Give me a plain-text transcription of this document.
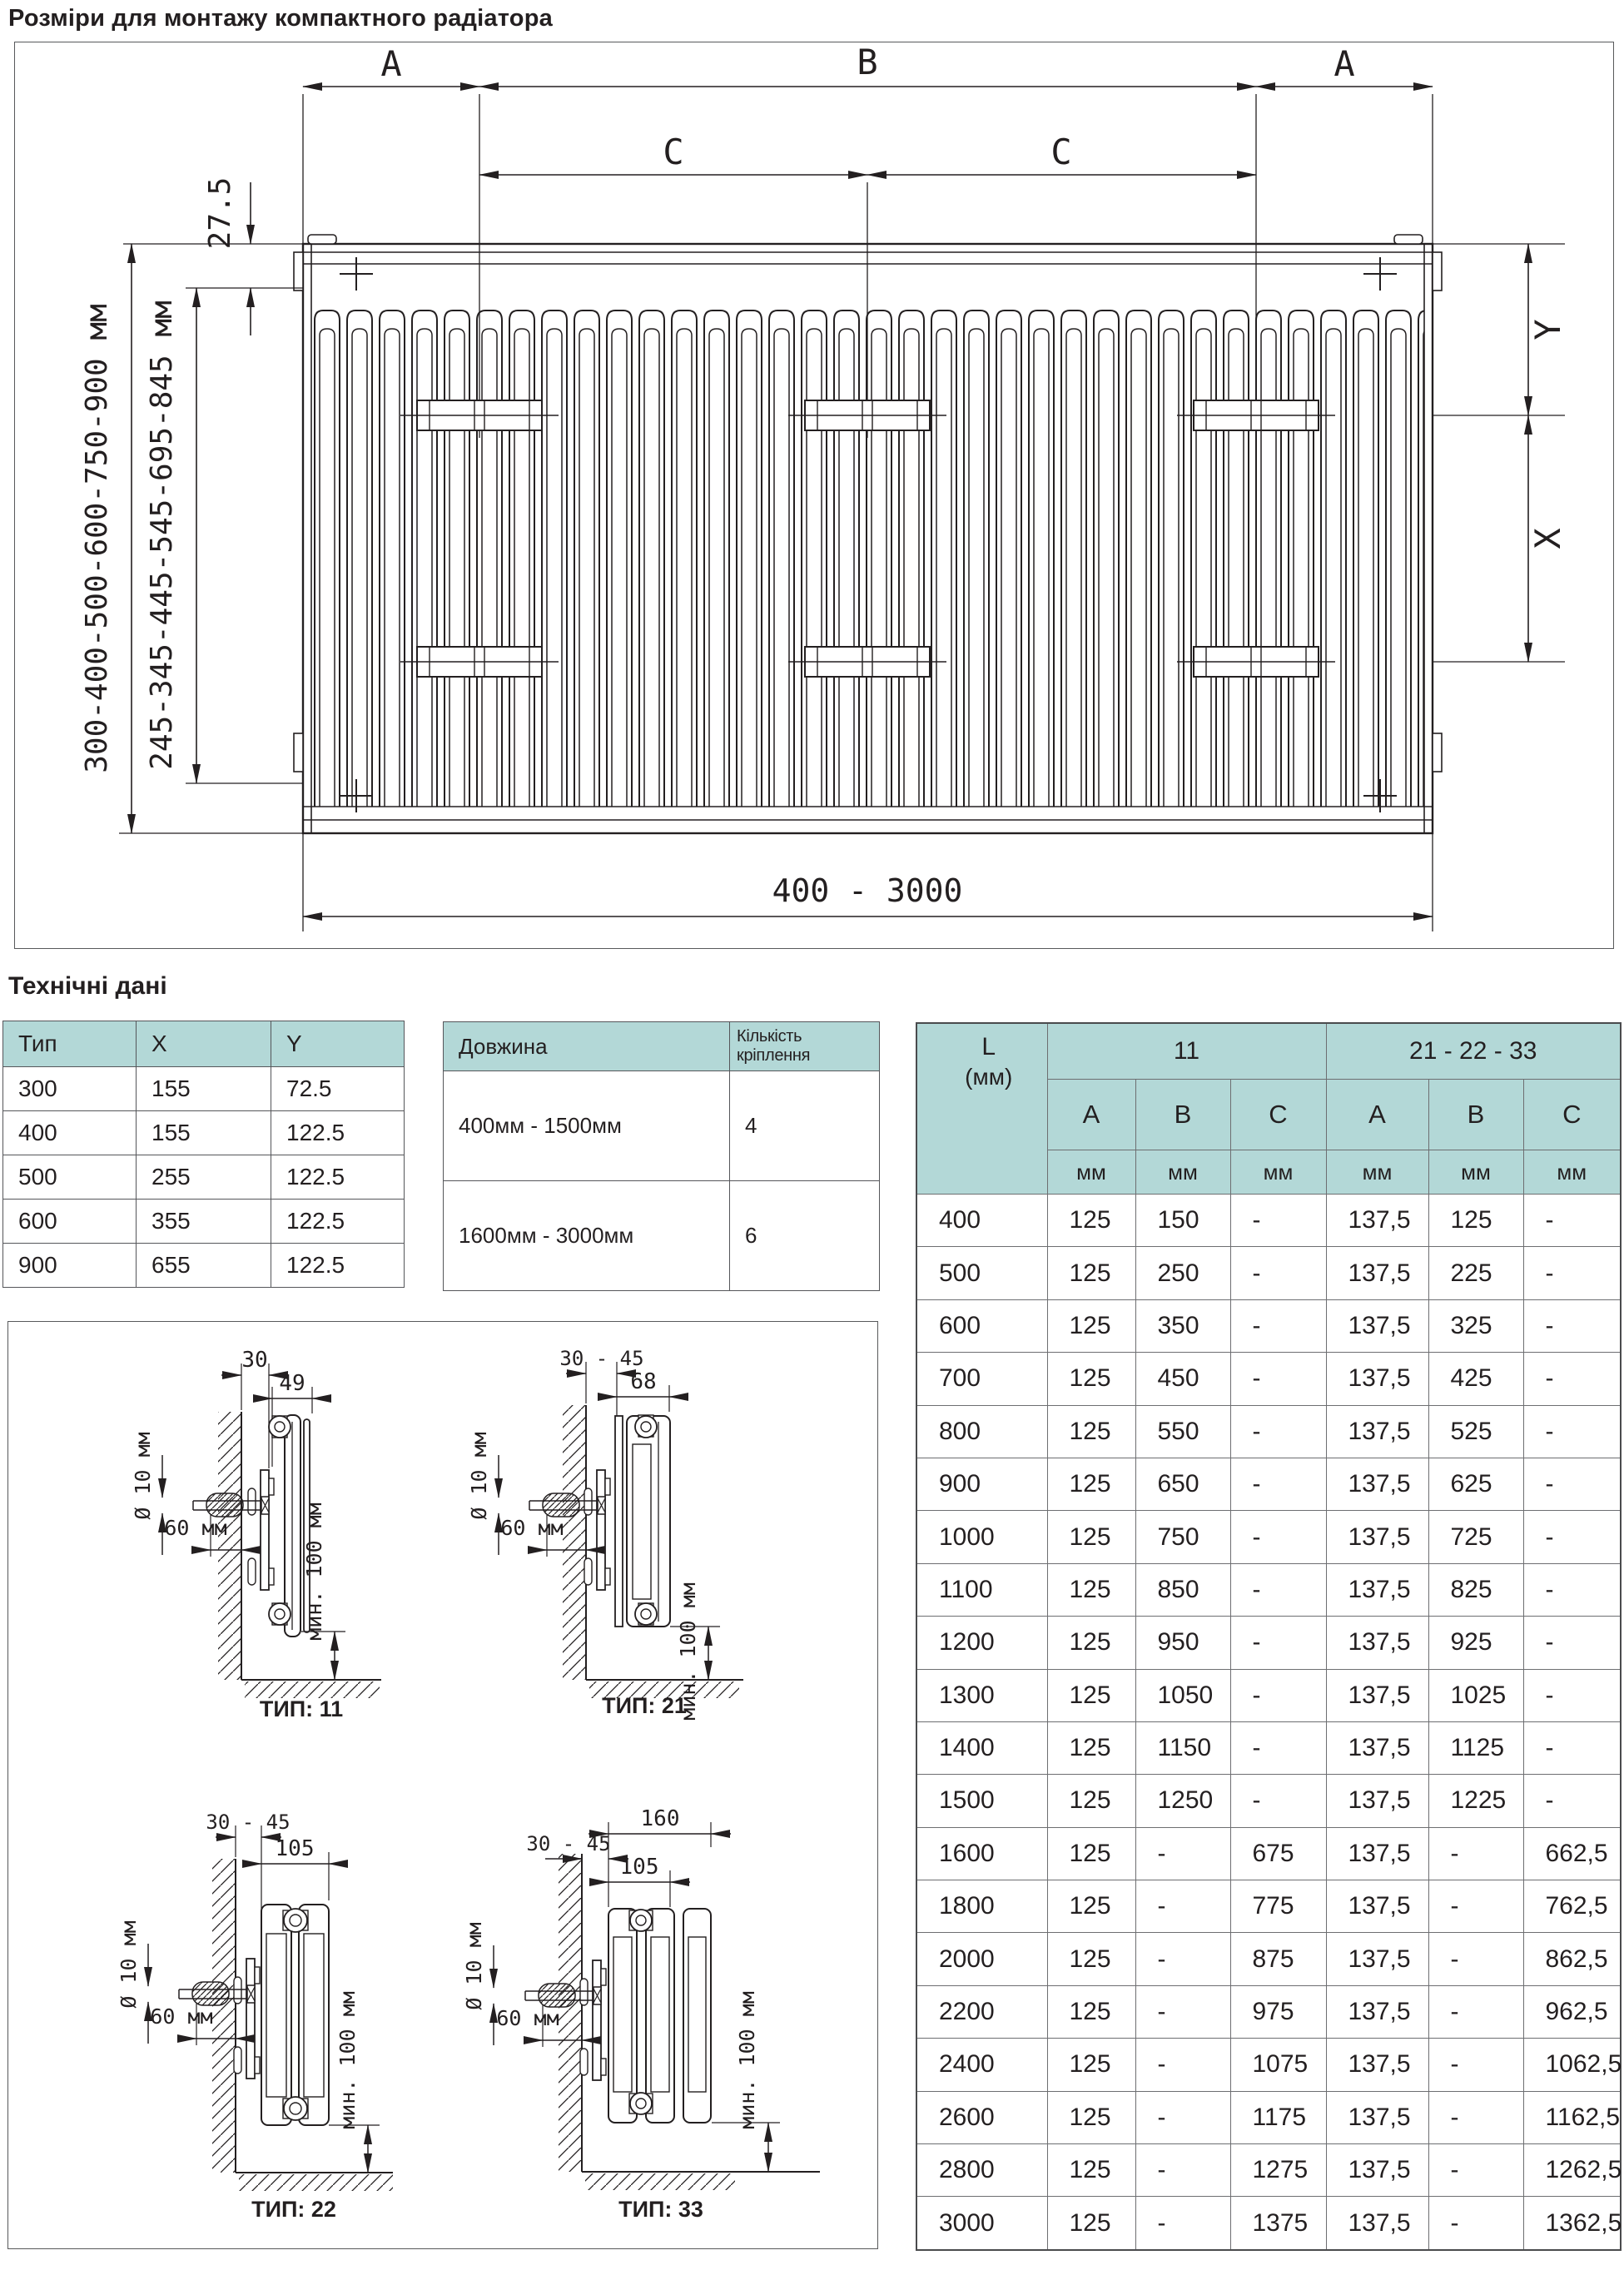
Розміри для монтажу компактного радіатора
A	B	A
C	C
27.5
300-400-500-600-750-900 мм 245-345-445-545-695-845 мм	Y
X
400 - 3000
Технічні дані
Тип	X	Y
300	155	72.5
400	155	122.5
500	255	122.5
600	355	122.5
900	655	122.5
Довжина	Кількість кріплення
400мм - 1500мм	4
1600мм - 3000мм	6
L
(мм)	11			21 - 22 - 33		
	A	B	C	A	B	C
	мм	мм	мм	мм	мм	мм
400	125	150	-	137,5	125	-
500	125	250	-	137,5	225	-
600	125	350	-	137,5	325	-
700	125	450	-	137,5	425	-
800	125	550	-	137,5	525	-
900	125	650	-	137,5	625	-
1000	125	750	-	137,5	725	-
1100	125	850	-	137,5	825	-
1200	125	950	-	137,5	925	-
1300	125	1050	-	137,5	1025	-
1400	125	1150	-	137,5	1125	-
1500	125	1250	-	137,5	1225	-
1600	125	-	675	137,5	-	662,5
1800	125	-	775	137,5	-	762,5
2000	125	-	875	137,5	-	862,5
2200	125	-	975	137,5	-	962,5
2400	125	-	1075	137,5	-	1062,5
2600	125	-	1175	137,5	-	1162,5
2800	125	-	1275	137,5	-	1262,5
3000	125	-	1375	137,5	-	1362,5
30
49
Ø 10 мм
60 мм	мин. 100 мм
ТИП: 11
30 - 45
68
Ø 10 мм
60 мм
мин. 100 мм
ТИП: 21
30 - 45
105
Ø 10 мм
60 мм	мин. 100 мм
ТИП: 22
160
30 - 45
105
Ø 10 мм
60 мм	мин. 100 мм
ТИП: 33
